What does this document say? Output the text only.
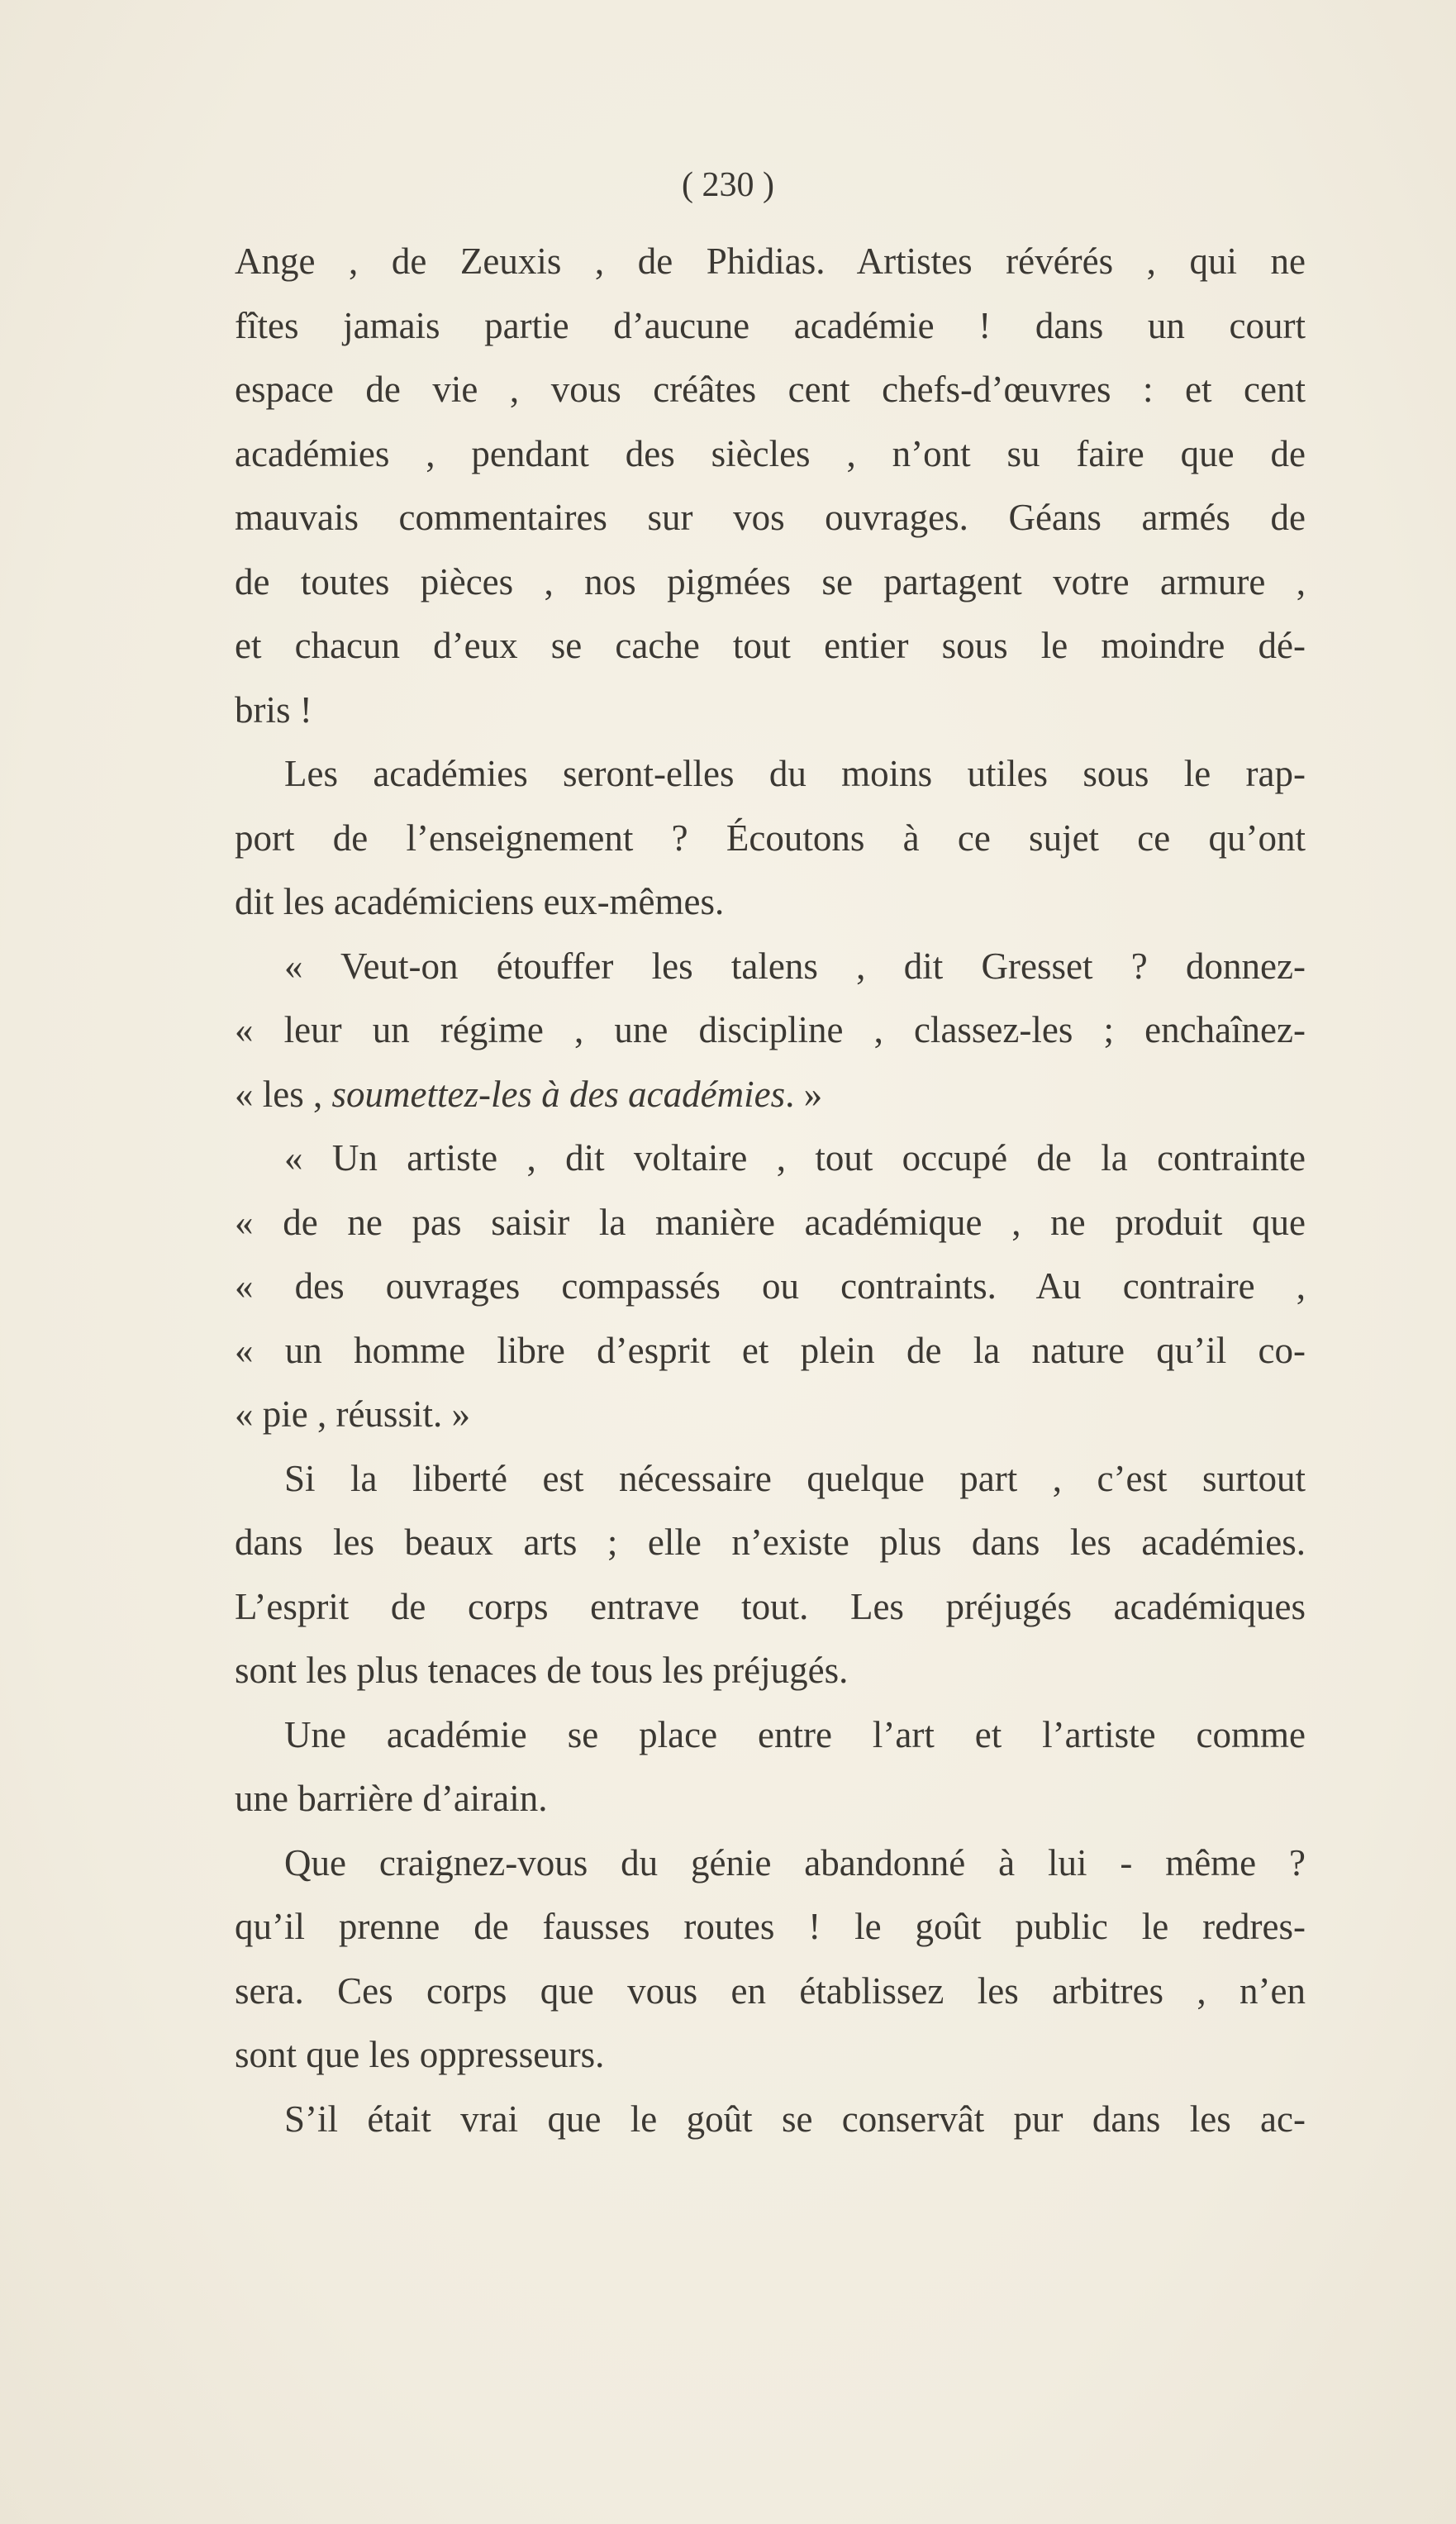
( 230 )
Ange , de Zeuxis , de Phidias. Artistes révérés , qui ne
fîtes jamais partie d’aucune académie ! dans un court
espace de vie , vous créâtes cent chefs-d’œuvres : et cent
académies , pendant des siècles , n’ont su faire que de
mauvais commentaires sur vos ouvrages. Géans armés de
de toutes pièces , nos pigmées se partagent votre armure ,
et chacun d’eux se cache tout entier sous le moindre dé-
bris !
Les académies seront-elles du moins utiles sous le rap-
port de l’enseignement ? Écoutons à ce sujet ce qu’ont
dit les académiciens eux-mêmes.
« Veut-on étouffer les talens , dit Gresset ? donnez-
« leur un régime , une discipline , classez-les ; enchaînez-
« les , soumettez-les à des académies. »
« Un artiste , dit voltaire , tout occupé de la contrainte
« de ne pas saisir la manière académique , ne produit que
« des ouvrages compassés ou contraints. Au contraire ,
« un homme libre d’esprit et plein de la nature qu’il co-
« pie , réussit. »
Si la liberté est nécessaire quelque part , c’est surtout
dans les beaux arts ; elle n’existe plus dans les académies.
L’esprit de corps entrave tout. Les préjugés académiques
sont les plus tenaces de tous les préjugés.
Une académie se place entre l’art et l’artiste comme
une barrière d’airain.
Que craignez-vous du génie abandonné à lui - même ?
qu’il prenne de fausses routes ! le goût public le redres-
sera. Ces corps que vous en établissez les arbitres , n’en
sont que les oppresseurs.
S’il était vrai que le goût se conservât pur dans les ac-
